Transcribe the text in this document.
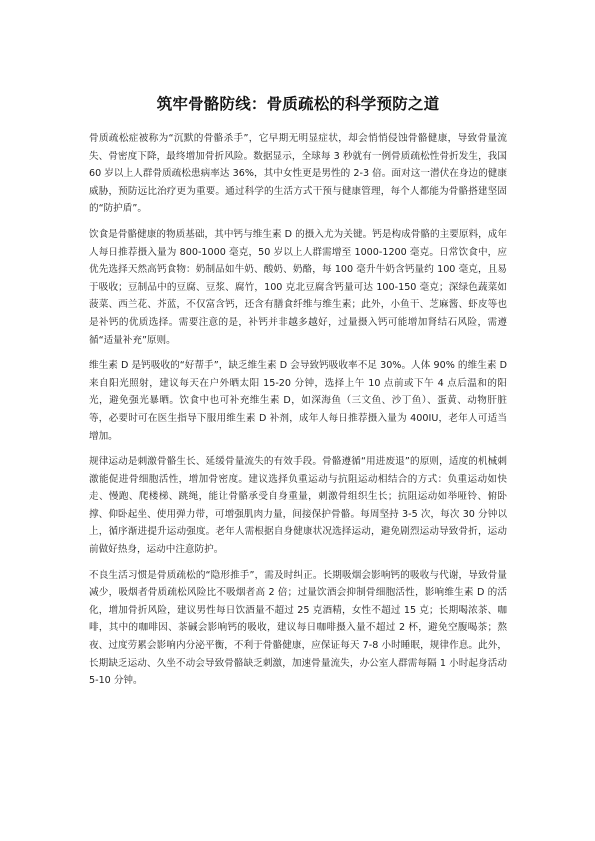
筑牢骨骼防线：骨质疏松的科学预防之道

骨质疏松症被称为“沉默的骨骼杀手”，它早期无明显症状，却会悄悄侵蚀骨骼健康，导致骨量流失、骨密度下降，最终增加骨折风险。数据显示，全球每 3 秒就有一例骨质疏松性骨折发生，我国 60 岁以上人群骨质疏松患病率达 36%，其中女性更是男性的 2-3 倍。面对这一潜伏在身边的健康威胁，预防远比治疗更为重要。通过科学的生活方式干预与健康管理，每个人都能为骨骼搭建坚固的“防护盾”。

饮食是骨骼健康的物质基础，其中钙与维生素 D 的摄入尤为关键。钙是构成骨骼的主要原料，成年人每日推荐摄入量为 800-1000 毫克，50 岁以上人群需增至 1000-1200 毫克。日常饮食中，应优先选择天然高钙食物：奶制品如牛奶、酸奶、奶酪，每 100 毫升牛奶含钙量约 100 毫克，且易于吸收；豆制品中的豆腐、豆浆、腐竹，100 克北豆腐含钙量可达 100-150 毫克；深绿色蔬菜如菠菜、西兰花、芥蓝，不仅富含钙，还含有膳食纤维与维生素；此外，小鱼干、芝麻酱、虾皮等也是补钙的优质选择。需要注意的是，补钙并非越多越好，过量摄入钙可能增加肾结石风险，需遵循“适量补充”原则。

维生素 D 是钙吸收的“好帮手”，缺乏维生素 D 会导致钙吸收率不足 30%。人体 90% 的维生素 D 来自阳光照射，建议每天在户外晒太阳 15-20 分钟，选择上午 10 点前或下午 4 点后温和的阳光，避免强光暴晒。饮食中也可补充维生素 D，如深海鱼（三文鱼、沙丁鱼）、蛋黄、动物肝脏等，必要时可在医生指导下服用维生素 D 补剂，成年人每日推荐摄入量为 400IU，老年人可适当增加。

规律运动是刺激骨骼生长、延缓骨量流失的有效手段。骨骼遵循“用进废退”的原则，适度的机械刺激能促进骨细胞活性，增加骨密度。建议选择负重运动与抗阻运动相结合的方式：负重运动如快走、慢跑、爬楼梯、跳绳，能让骨骼承受自身重量，刺激骨组织生长；抗阻运动如举哑铃、俯卧撑、仰卧起坐、使用弹力带，可增强肌肉力量，间接保护骨骼。每周坚持 3-5 次，每次 30 分钟以上，循序渐进提升运动强度。老年人需根据自身健康状况选择运动，避免剧烈运动导致骨折，运动前做好热身，运动中注意防护。

不良生活习惯是骨质疏松的“隐形推手”，需及时纠正。长期吸烟会影响钙的吸收与代谢，导致骨量减少，吸烟者骨质疏松风险比不吸烟者高 2 倍；过量饮酒会抑制骨细胞活性，影响维生素 D 的活化，增加骨折风险，建议男性每日饮酒量不超过 25 克酒精，女性不超过 15 克；长期喝浓茶、咖啡，其中的咖啡因、茶碱会影响钙的吸收，建议每日咖啡摄入量不超过 2 杯，避免空腹喝茶；熬夜、过度劳累会影响内分泌平衡，不利于骨骼健康，应保证每天 7-8 小时睡眠，规律作息。此外，长期缺乏运动、久坐不动会导致骨骼缺乏刺激，加速骨量流失，办公室人群需每隔 1 小时起身活动 5-10 分钟。
